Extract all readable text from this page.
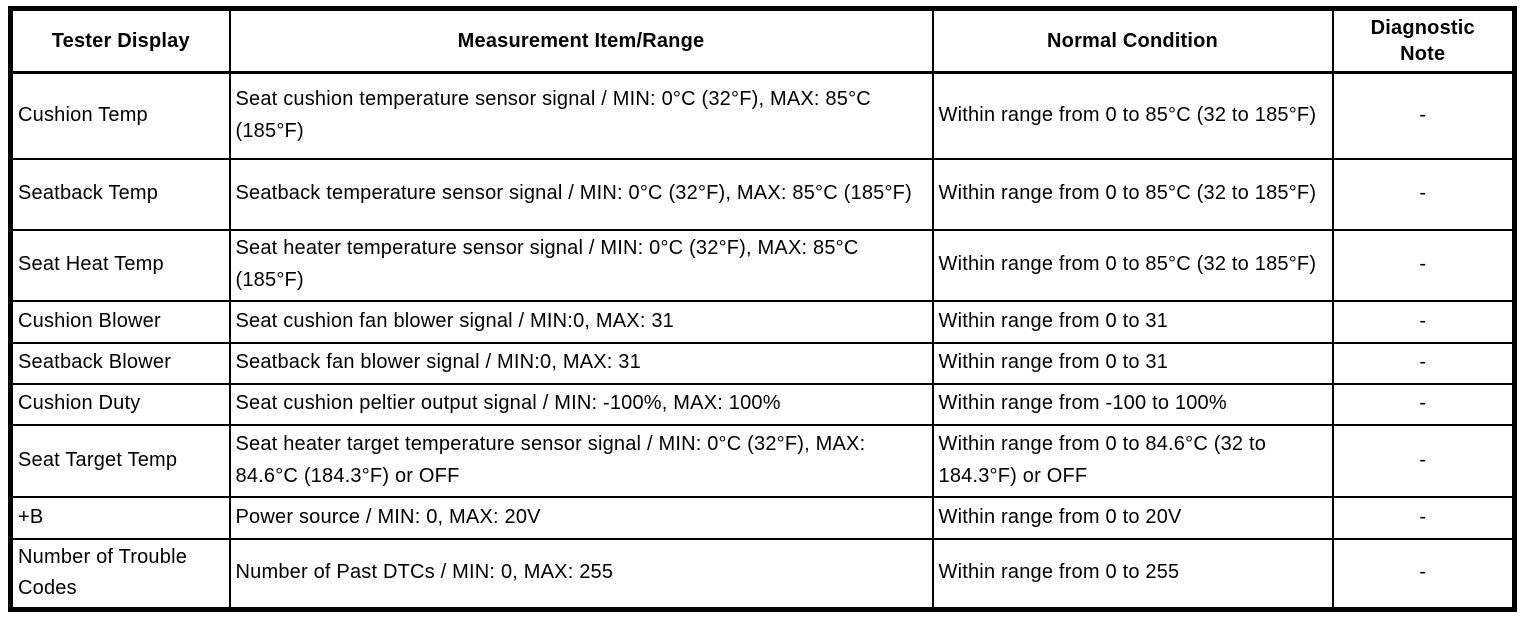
Tester Display	Measurement Item/Range	Normal Condition	Diagnostic Note
Cushion Temp	Seat cushion temperature sensor signal / MIN: 0°C (32°F), MAX: 85°C (185°F)	Within range from 0 to 85°C (32 to 185°F)	-
Seatback Temp	Seatback temperature sensor signal / MIN: 0°C (32°F), MAX: 85°C (185°F)	Within range from 0 to 85°C (32 to 185°F)	-
Seat Heat Temp	Seat heater temperature sensor signal / MIN: 0°C (32°F), MAX: 85°C (185°F)	Within range from 0 to 85°C (32 to 185°F)	-
Cushion Blower	Seat cushion fan blower signal / MIN:0, MAX: 31	Within range from 0 to 31	-
Seatback Blower	Seatback fan blower signal / MIN:0, MAX: 31	Within range from 0 to 31	-
Cushion Duty	Seat cushion peltier output signal / MIN: -100%, MAX: 100%	Within range from -100 to 100%	-
Seat Target Temp	Seat heater target temperature sensor signal / MIN: 0°C (32°F), MAX: 84.6°C (184.3°F) or OFF	Within range from 0 to 84.6°C (32 to 184.3°F) or OFF	-
+B	Power source / MIN: 0, MAX: 20V	Within range from 0 to 20V	-
Number of Trouble Codes	Number of Past DTCs / MIN: 0, MAX: 255	Within range from 0 to 255	-
